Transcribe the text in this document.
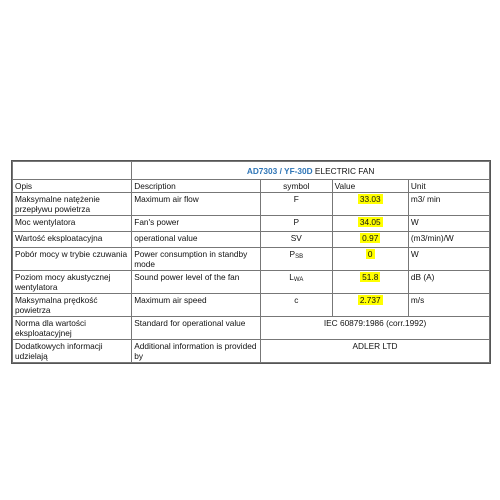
	AD7303 / YF-30D ELECTRIC FAN			
Opis	Description	symbol	Value	Unit
Maksymalne natężenie przepływu powietrza	Maximum air flow	F	33.03	m3/ min
Moc wentylatora	Fan's power	P	34.05	W
Wartość eksploatacyjna	operational value	SV	0.97	(m3/min)/W
Pobór mocy w trybie czuwania	Power consumption in standby mode	PSB	0	W
Poziom mocy akustycznej wentylatora	Sound power level of the fan	LWA	51.8	dB (A)
Maksymalna prędkość powietrza	Maximum air speed	c	2.737	m/s
Norma dla wartości eksploatacyjnej	Standard for operational value	IEC 60879:1986 (corr.1992)		
Dodatkowych informacji udzielają	Additional information is provided by	ADLER LTD		
